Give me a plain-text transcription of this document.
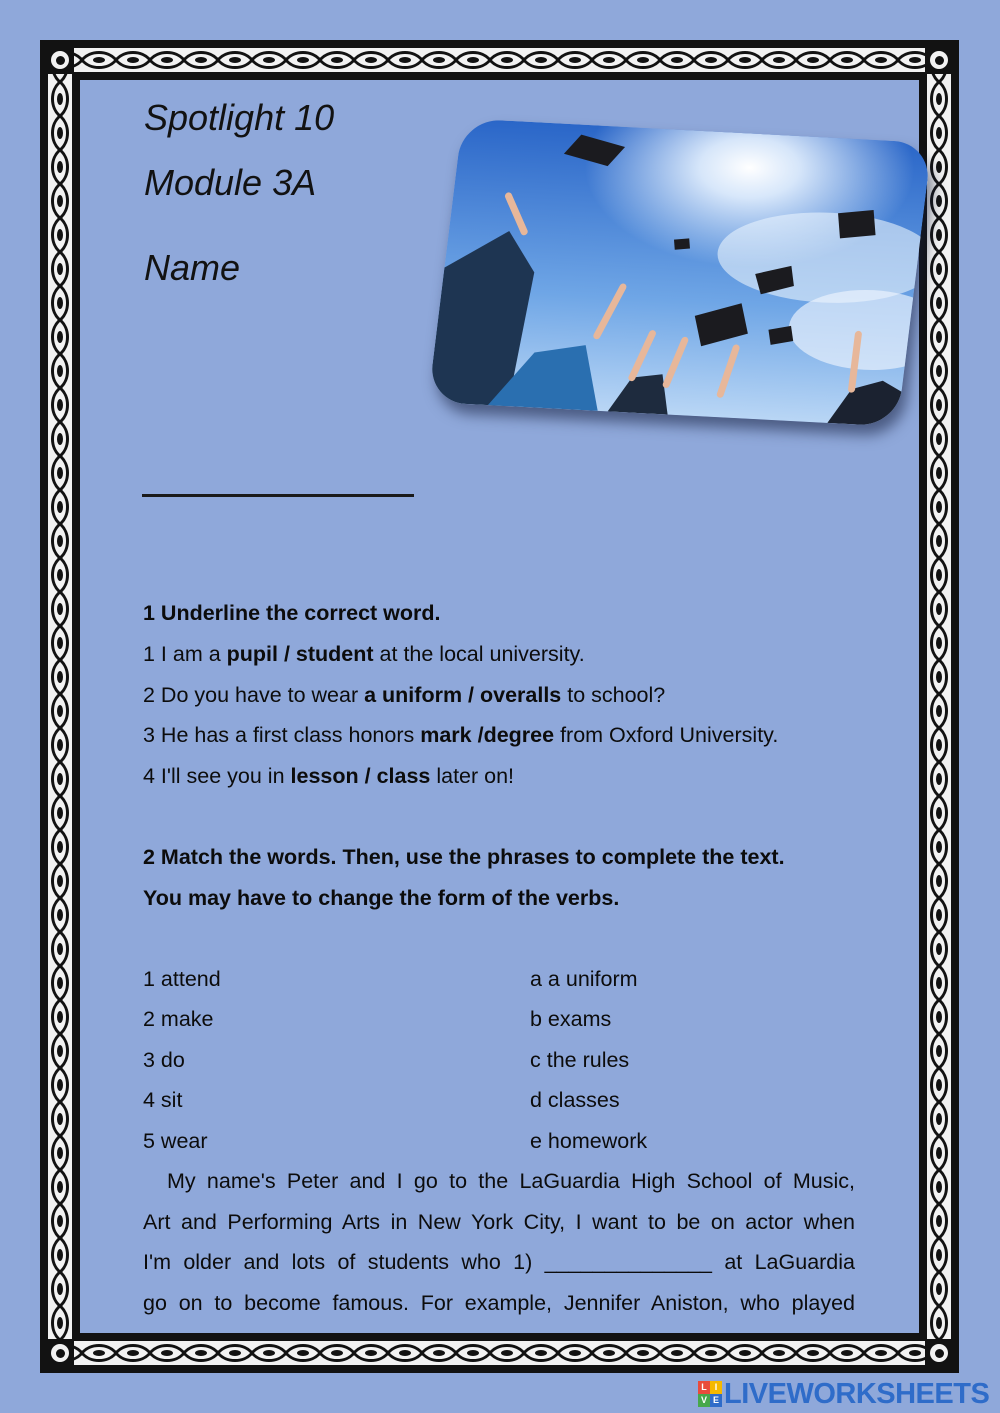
Spotlight 10
Module 3A
Name
1 Underline the correct word.
1 I am a pupil / student at the local university.
2 Do you have to wear a uniform / overalls to school?
3 He has a first class honors mark /degree from Oxford University.
4 I'll see you in lesson / class later on!
2 Match the words. Then, use the phrases to complete the text.
You may have to change the form of the verbs.
1 attend
2 make
3 do
4 sit
5 wear
a a uniform
b exams
c the rules
d classes
e homework
My name's Peter and I go to the LaGuardia High School of Music,
Art and Performing Arts in New York City, I want to be on actor when
I'm older and lots of students who 1) ______________ at LaGuardia
go on to become famous. For example, Jennifer Aniston, who played
L I
V E LIVEWORKSHEETS
